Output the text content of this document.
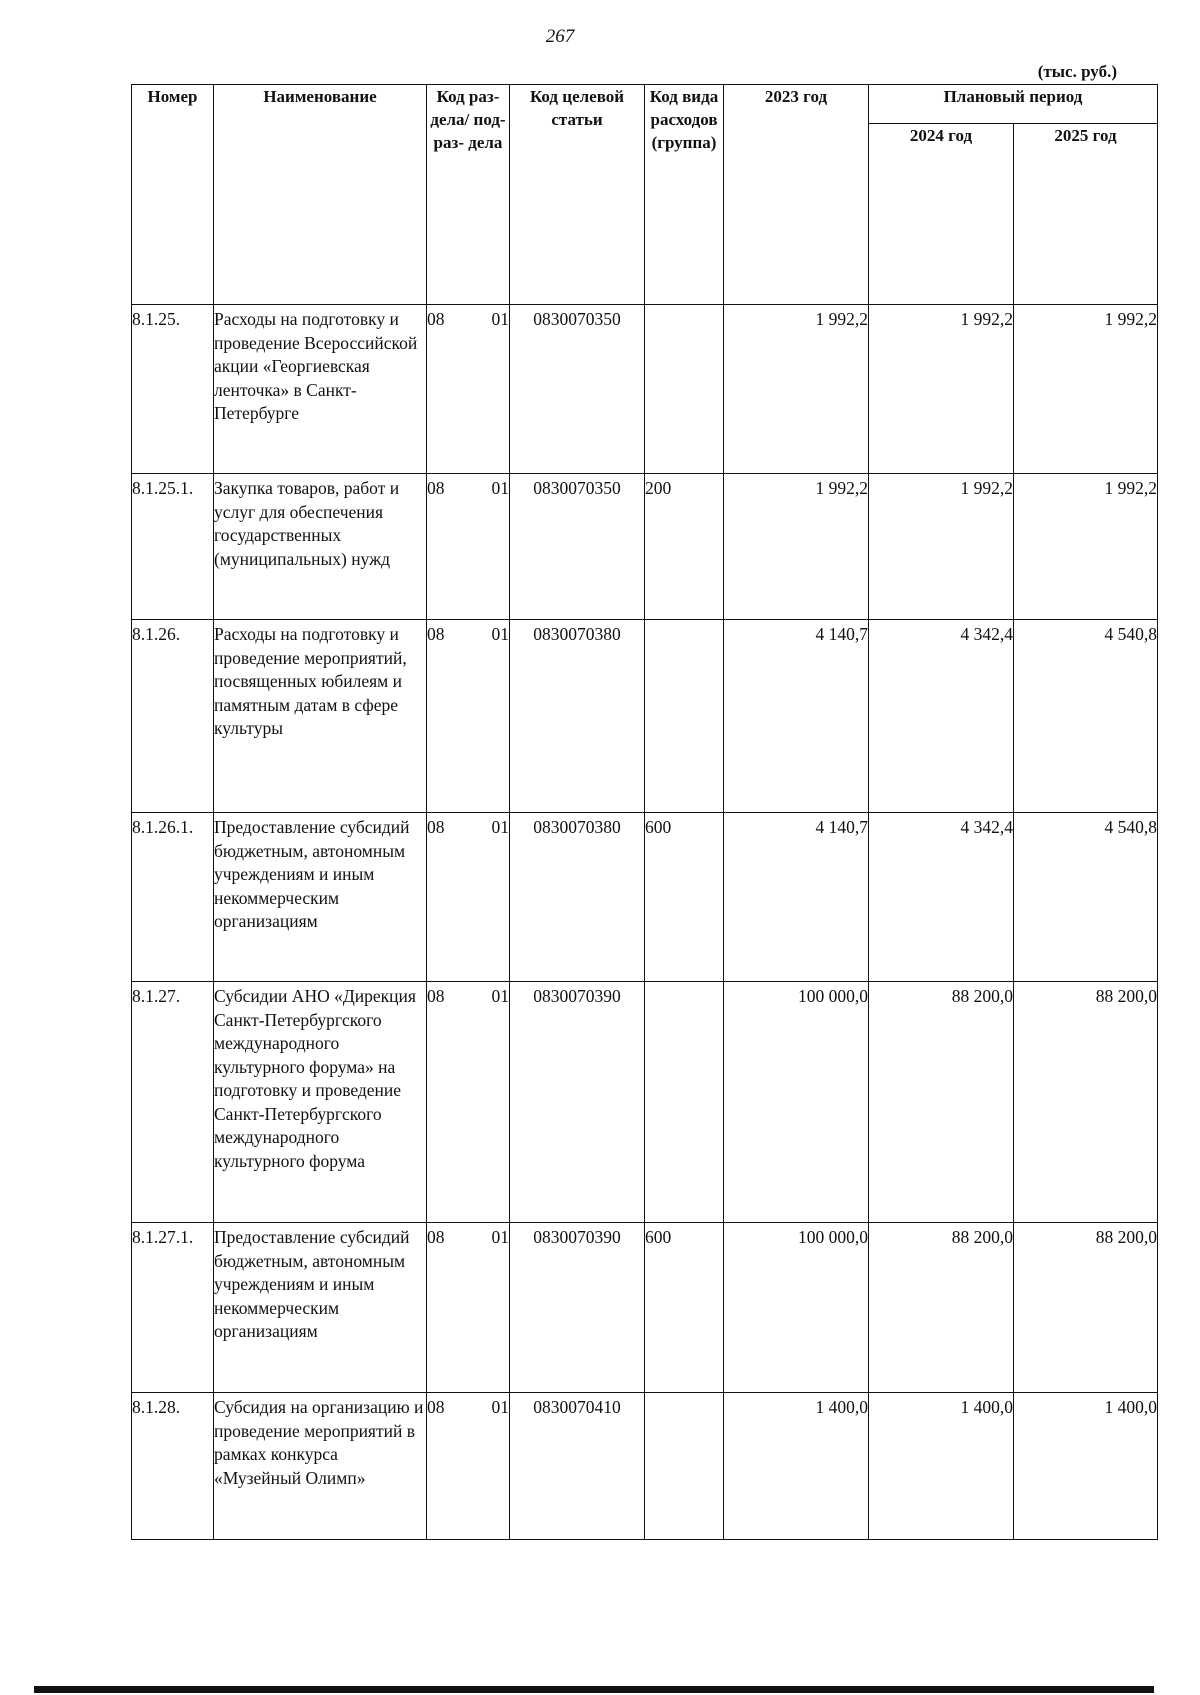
267
(тыс. руб.)
Номер	Наименование	Код раз- дела/ под- раз- дела	Код целевой статьи	Код вида расходов (группа)	2023 год	Плановый период	
						2024 год	2025 год
8.1.25.	Расходы на подготовку и проведение Всероссийской акции «Георгиевская ленточка» в Санкт-Петербурге	08 01	0830070350		1 992,2	1 992,2	1 992,2
8.1.25.1.	Закупка товаров, работ и услуг для обеспечения государственных (муниципальных) нужд	08 01	0830070350	200	1 992,2	1 992,2	1 992,2
8.1.26.	Расходы на подготовку и проведение мероприятий, посвященных юбилеям и памятным датам в сфере культуры	08 01	0830070380		4 140,7	4 342,4	4 540,8
8.1.26.1.	Предоставление субсидий бюджетным, автономным учреждениям и иным некоммерческим организациям	08 01	0830070380	600	4 140,7	4 342,4	4 540,8
8.1.27.	Субсидии АНО «Дирекция Санкт-Петербургского международного культурного форума» на подготовку и проведение Санкт-Петербургского международного культурного форума	08 01	0830070390		100 000,0	88 200,0	88 200,0
8.1.27.1.	Предоставление субсидий бюджетным, автономным учреждениям и иным некоммерческим организациям	08 01	0830070390	600	100 000,0	88 200,0	88 200,0
8.1.28.	Субсидия на организацию и проведение мероприятий в рамках конкурса «Музейный Олимп»	08 01	0830070410		1 400,0	1 400,0	1 400,0
